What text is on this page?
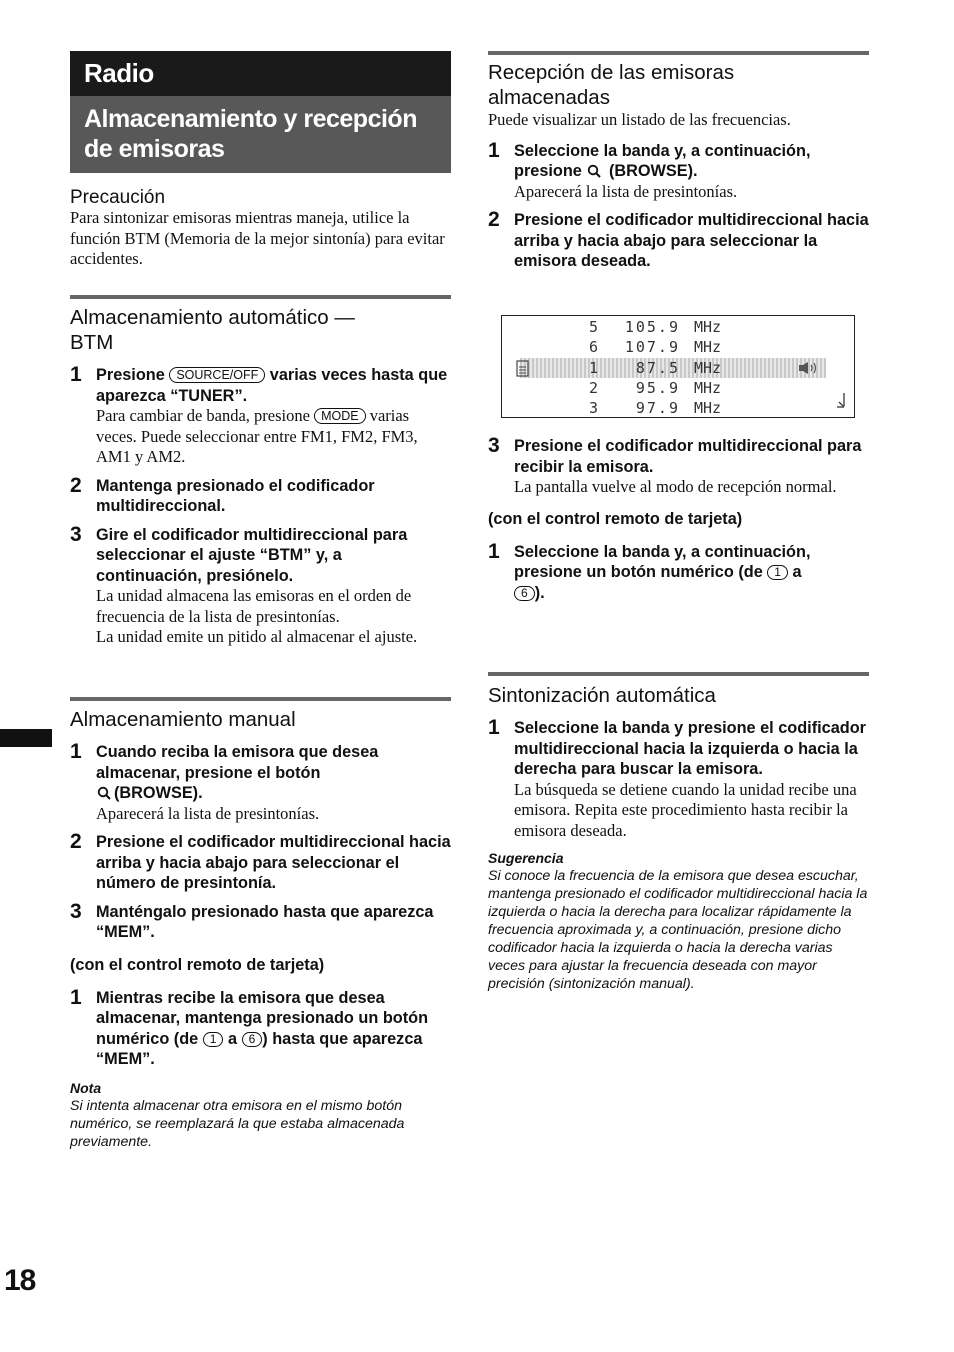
Radio
Almacenamiento y recepción de emisoras
Precaución
Para sintonizar emisoras mientras maneja, utilice la función BTM (Memoria de la mejor sintonía) para evitar accidentes.
Almacenamiento automático — BTM
1 Presione SOURCE/OFF varias veces hasta que aparezca “TUNER”.
Para cambiar de banda, presione MODE varias veces. Puede seleccionar entre FM1, FM2, FM3, AM1 y AM2.
2 Mantenga presionado el codificador multidireccional.
3 Gire el codificador multidireccional para seleccionar el ajuste “BTM” y, a continuación, presiónelo.
La unidad almacena las emisoras en el orden de frecuencia de la lista de presintonías.
La unidad emite un pitido al almacenar el ajuste.
Almacenamiento manual
1 Cuando reciba la emisora que desea almacenar, presione el botón
(BROWSE).
Aparecerá la lista de presintonías.
2 Presione el codificador multidireccional hacia arriba y hacia abajo para seleccionar el número de presintonía.
3 Manténgalo presionado hasta que aparezca “MEM”.
(con el control remoto de tarjeta)
1 Mientras recibe la emisora que desea almacenar, mantenga presionado un botón numérico (de 1 a 6 ) hasta que aparezca “MEM”.
Nota
Si intenta almacenar otra emisora en el mismo botón numérico, se reemplazará la que estaba almacenada previamente.
Recepción de las emisoras almacenadas
Puede visualizar un listado de las frecuencias.
1 Seleccione la banda y, a continuación, presione (BROWSE).
Aparecerá la lista de presintonías.
2 Presione el codificador multidireccional hacia arriba y hacia abajo para seleccionar la emisora deseada.
5 105.9 MHz
6 107.9 MHz
1 87.5 MHz
2 95.9 MHz
3 97.9 MHz
3 Presione el codificador multidireccional para recibir la emisora.
La pantalla vuelve al modo de recepción normal.
(con el control remoto de tarjeta)
1 Seleccione la banda y, a continuación, presione un botón numérico (de 1 a
6 ).
Sintonización automática
1 Seleccione la banda y presione el codificador multidireccional hacia la izquierda o hacia la derecha para buscar la emisora.
La búsqueda se detiene cuando la unidad recibe una emisora. Repita este procedimiento hasta recibir la emisora deseada.
Sugerencia
Si conoce la frecuencia de la emisora que desea escuchar, mantenga presionado el codificador multidireccional hacia la izquierda o hacia la derecha para localizar rápidamente la frecuencia aproximada y, a continuación, presione dicho codificador hacia la izquierda o hacia la derecha varias veces para ajustar la frecuencia deseada con mayor precisión (sintonización manual).
18
